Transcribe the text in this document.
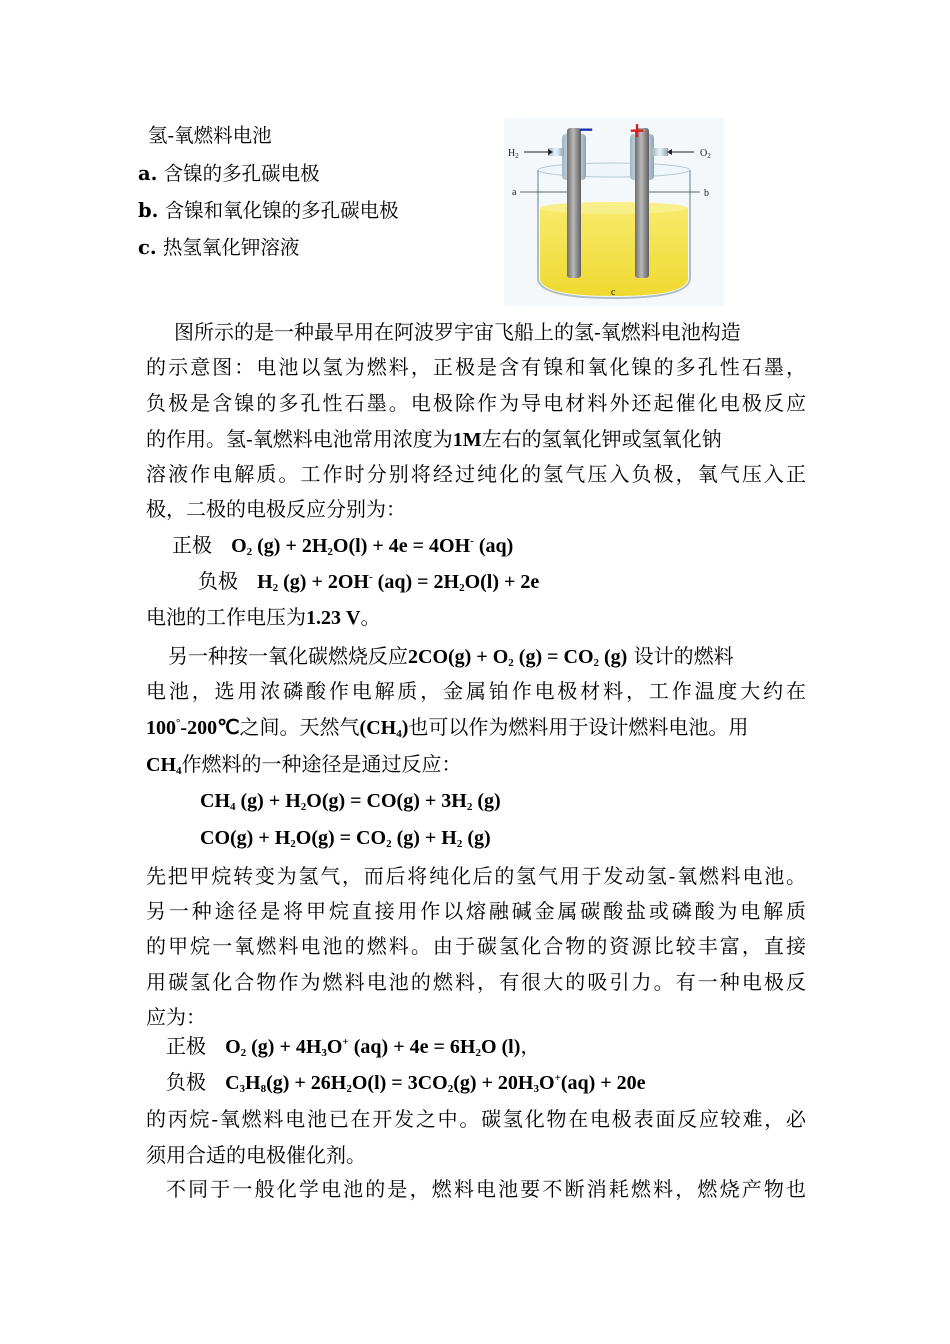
氢-氧燃料电池
a. 含镍的多孔碳电极
b. 含镍和氧化镍的多孔碳电极
c. 热氢氧化钾溶液
− +
$H_2$	$O_2$
a	b
c
图所示的是一种最早用在阿波罗宇宙飞船上的氢-氧燃料电池构造
的示意图：电池以氢为燃料，正极是含有镍和氧化镍的多孔性石墨，
负极是含镍的多孔性石墨。电极除作为导电材料外还起催化电极反应
的作用。氢-氧燃料电池常用浓度为1M左右的氢氧化钾或氢氧化钠
溶液作电解质。工作时分别将经过纯化的氢气压入负极，氧气压入正
极，二极的电极反应分别为：
正极 $O_2$ $(g) + 2H_2O(l) + 4e = 4OH^-$ (aq)
负极 $H_2$ (g) + 2OH- $(aq) = 2H_2O(l) + 2e$
电池的工作电压为1.23 V。
另一种按一氧化碳燃烧反应$2CO(g) + O_2$ $(g) = CO_2$ (g) 设计的燃料
电池，选用浓磷酸作电解质，金属铂作电极材料，工作温度大约在
100°-200℃之间。天然气$(CH_4)$也可以作为燃料用于设计燃料电池。用
$CH_4$作燃料的一种途径是通过反应：
$CH_4$ $(g) + H_2O(g) = CO(g) + 3H_2$ (g)
$CO(g) + H_2O(g) = CO_2$ $(g) + H_2$ (g)
先把甲烷转变为氢气，而后将纯化后的氢气用于发动氢-氧燃料电池。
另一种途径是将甲烷直接用作以熔融碱金属碳酸盐或磷酸为电解质
的甲烷一氧燃料电池的燃料。由于碳氢化合物的资源比较丰富，直接
用碳氢化合物作为燃料电池的燃料，有很大的吸引力。有一种电极反
应为：
正极 $O_2$ $(g) + 4H_3O^+$ $(aq) + 4e = 6H_2O$ (l)，
负极 $C_3H_8(g) + 26H_2O(l) = 3CO_2(g) + 20H_3O^+(aq) + 20e$
的丙烷-氧燃料电池已在开发之中。碳氢化物在电极表面反应较难，必
须用合适的电极催化剂。
不同于一般化学电池的是，燃料电池要不断消耗燃料，燃烧产物也
